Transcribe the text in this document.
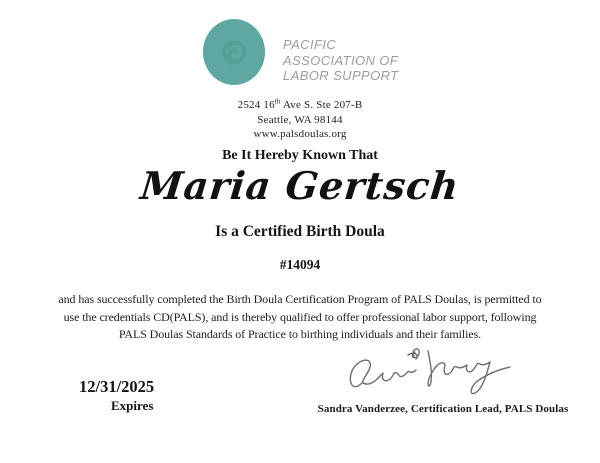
PACIFIC
ASSOCIATION OF
LABOR SUPPORT
2524 16th Ave S. Ste 207-B
Seattle, WA 98144
www.palsdoulas.org
Be It Hereby Known That
Maria Gertsch
Is a Certified Birth Doula
#14094
and has successfully completed the Birth Doula Certification Program of PALS Doulas, is permitted to
use the credentials CD(PALS), and is thereby qualified to offer professional labor support, following
PALS Doulas Standards of Practice to birthing individuals and their families.
12/31/2025
Expires	Sandra Vanderzee, Certification Lead, PALS Doulas
